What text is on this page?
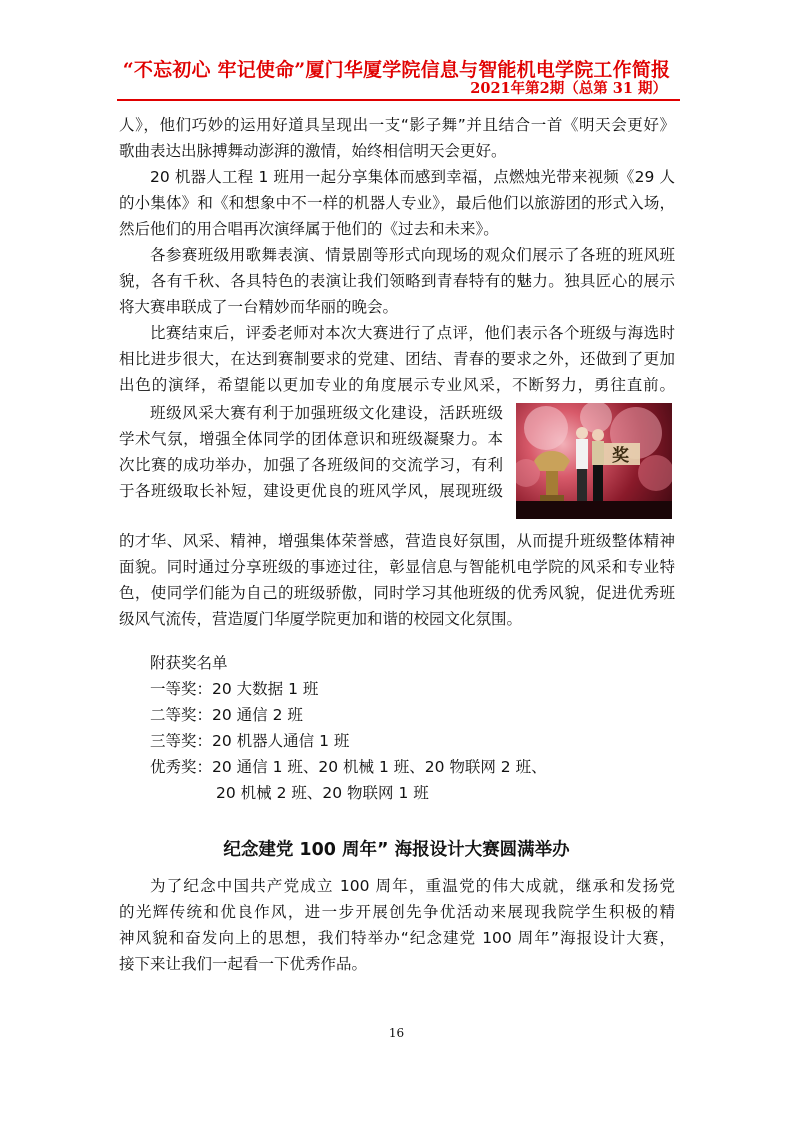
“不忘初心 牢记使命”厦门华厦学院信息与智能机电学院工作简报
2021年第2期（总第 31 期）
人》，他们巧妙的运用好道具呈现出一支“影子舞”并且结合一首《明天会更好》
歌曲表达出脉搏舞动澎湃的激情，始终相信明天会更好。
20 机器人工程 1 班用一起分享集体而感到幸福，点燃烛光带来视频《29 人
的小集体》和《和想象中不一样的机器人专业》，最后他们以旅游团的形式入场，
然后他们的用合唱再次演绎属于他们的《过去和未来》。
各参赛班级用歌舞表演、情景剧等形式向现场的观众们展示了各班的班风班
貌，各有千秋、各具特色的表演让我们领略到青春特有的魅力。独具匠心的展示
将大赛串联成了一台精妙而华丽的晚会。
比赛结束后，评委老师对本次大赛进行了点评，他们表示各个班级与海选时
相比进步很大，在达到赛制要求的党建、团结、青春的要求之外，还做到了更加
出色的演绎，希望能以更加专业的角度展示专业风采，不断努力，勇往直前。
班级风采大赛有利于加强班级文化建设，活跃班级
学术气氛，增强全体同学的团体意识和班级凝聚力。本
次比赛的成功举办，加强了各班级间的交流学习，有利
于各班级取长补短，建设更优良的班风学风，展现班级
奖
的才华、风采、精神，增强集体荣誉感，营造良好氛围，从而提升班级整体精神
面貌。同时通过分享班级的事迹过往，彰显信息与智能机电学院的风采和专业特
色，使同学们能为自己的班级骄傲，同时学习其他班级的优秀风貌，促进优秀班
级风气流传，营造厦门华厦学院更加和谐的校园文化氛围。
附获奖名单
一等奖：20 大数据 1 班
二等奖：20 通信 2 班
三等奖：20 机器人通信 1 班
优秀奖：20 通信 1 班、20 机械 1 班、20 物联网 2 班、
20 机械 2 班、20 物联网 1 班
纪念建党 100 周年” 海报设计大赛圆满举办
为了纪念中国共产党成立 100 周年，重温党的伟大成就，继承和发扬党
的光辉传统和优良作风，进一步开展创先争优活动来展现我院学生积极的精
神风貌和奋发向上的思想，我们特举办“纪念建党 100 周年”海报设计大赛，
接下来让我们一起看一下优秀作品。
16
